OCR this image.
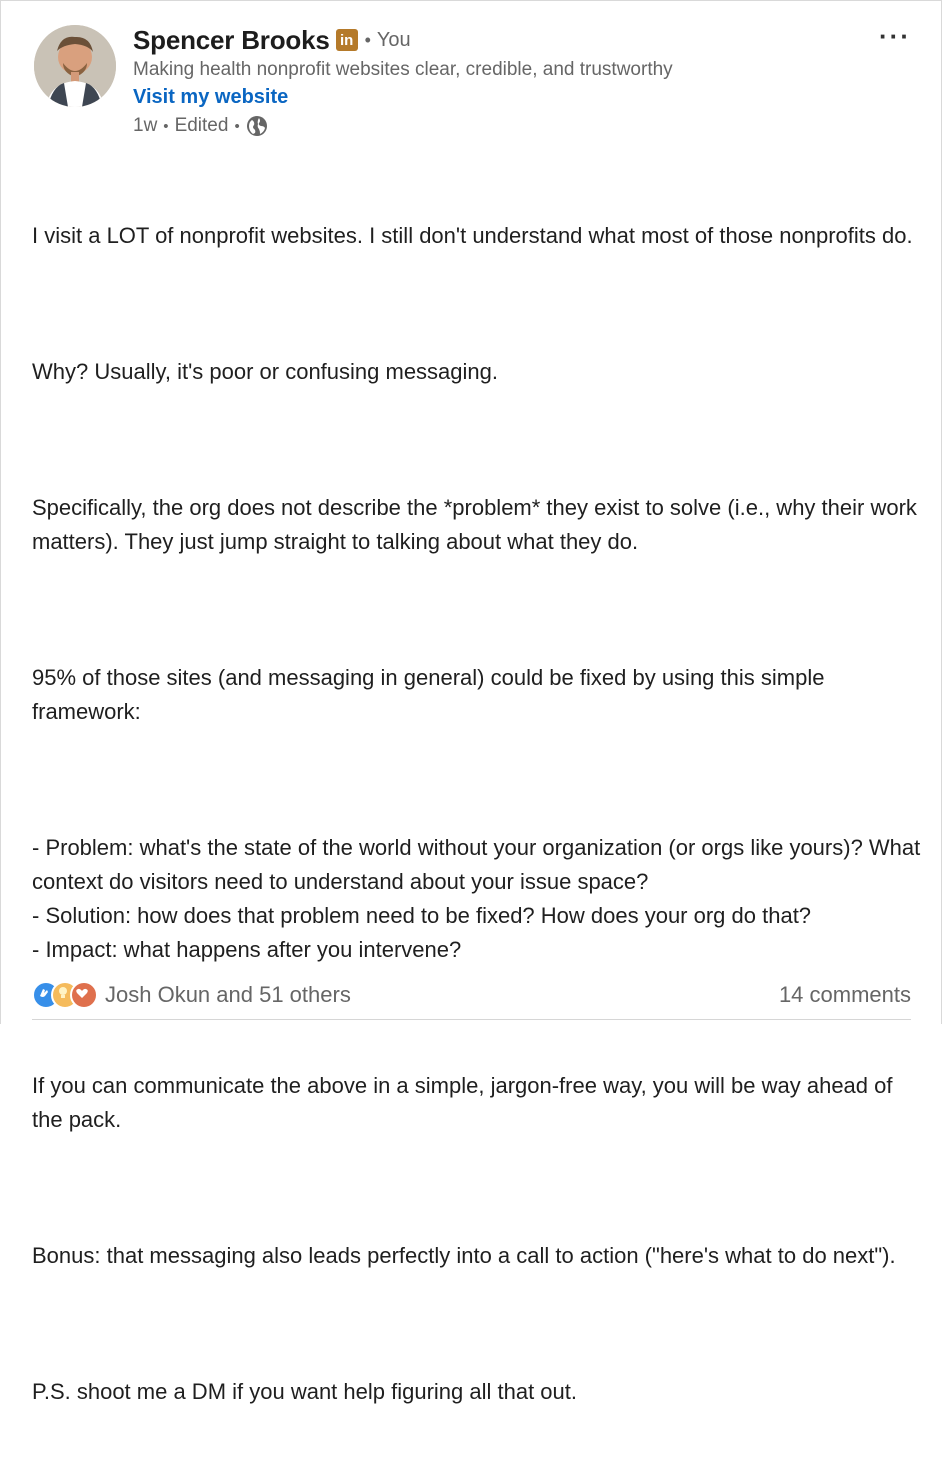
Spencer Brooks in • You
Making health nonprofit websites clear, credible, and trustworthy
Visit my website
1w • Edited •
···

I visit a LOT of nonprofit websites. I still don't understand what most of those nonprofits do.

Why? Usually, it's poor or confusing messaging.

Specifically, the org does not describe the *problem* they exist to solve (i.e., why their work matters). They just jump straight to talking about what they do.

95% of those sites (and messaging in general) could be fixed by using this simple framework:

- Problem: what's the state of the world without your organization (or orgs like yours)? What context do visitors need to understand about your issue space?
- Solution: how does that problem need to be fixed? How does your org do that?
- Impact: what happens after you intervene?

If you can communicate the above in a simple, jargon-free way, you will be way ahead of the pack.

Bonus: that messaging also leads perfectly into a call to action ("here's what to do next").

P.S. shoot me a DM if you want help figuring all that out.

Josh Okun and 51 others	14 comments
